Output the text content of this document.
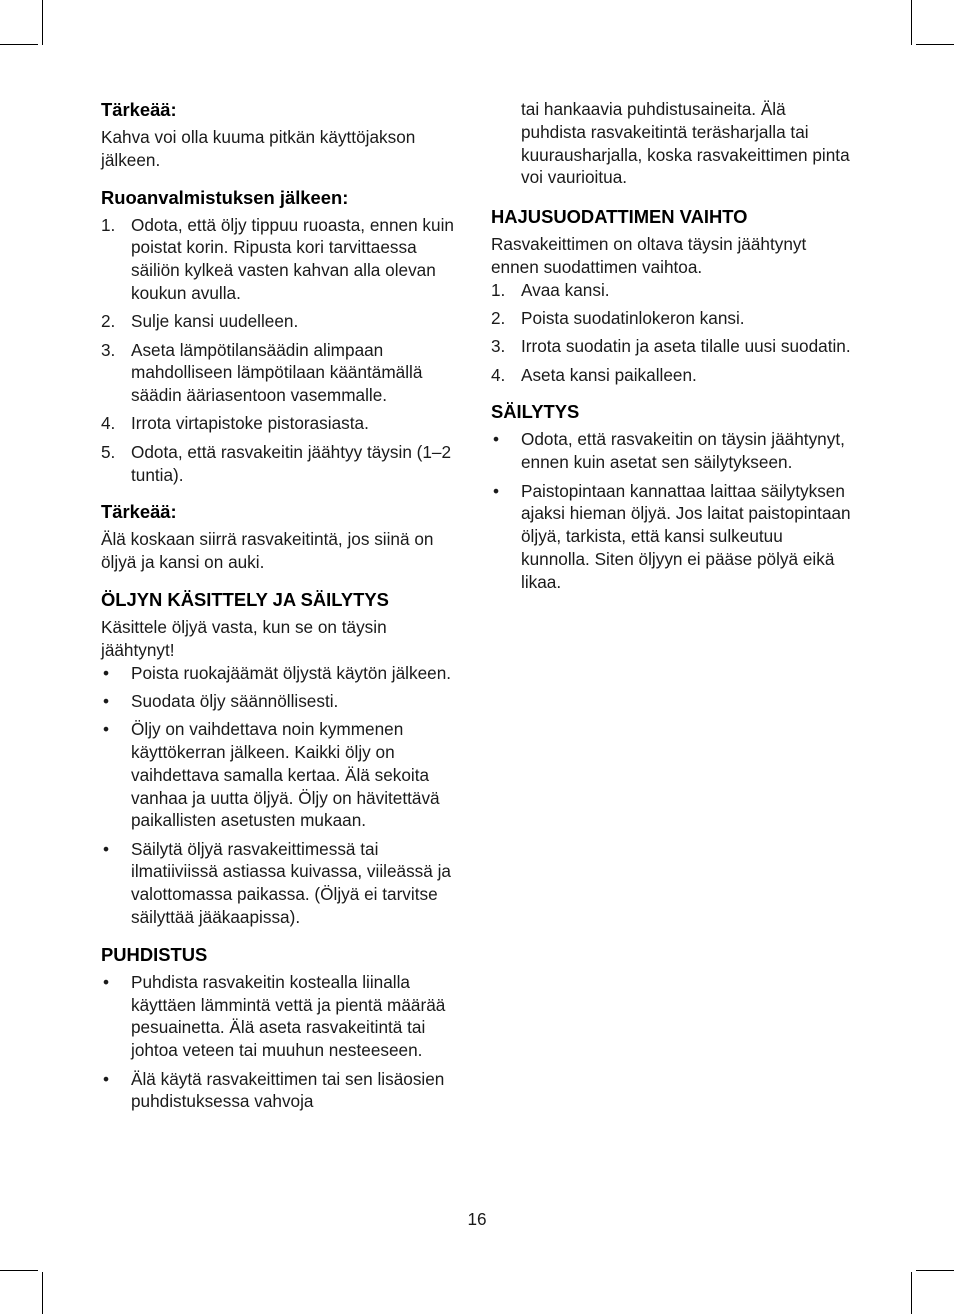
Tärkeää:

Kahva voi olla kuuma pitkän käyttöjakson jälkeen.

Ruoanvalmistuksen jälkeen:
1. Odota, että öljy tippuu ruoasta, ennen kuin poistat korin. Ripusta kori tarvittaessa säiliön kylkeä vasten kahvan alla olevan koukun avulla.
2. Sulje kansi uudelleen.
3. Aseta lämpötilansäädin alimpaan mahdolliseen lämpötilaan kääntämällä säädin ääriasentoon vasemmalle.
4. Irrota virtapistoke pistorasiasta.
5. Odota, että rasvakeitin jäähtyy täysin (1–2 tuntia).
Tärkeää:

Älä koskaan siirrä rasvakeitintä, jos siinä on öljyä ja kansi on auki.

ÖLJYN KÄSITTELY JA SÄILYTYS

Käsittele öljyä vasta, kun se on täysin jäähtynyt!

•	Poista ruokajäämät öljystä käytön jälkeen.
•	Suodata öljy säännöllisesti.
•	Öljy on vaihdettava noin kymmenen käyttökerran jälkeen. Kaikki öljy on vaihdettava samalla kertaa. Älä sekoita vanhaa ja uutta öljyä. Öljy on hävitettävä paikallisten asetusten mukaan.
•	Säilytä öljyä rasvakeittimessä tai ilmatiiviissä astiassa kuivassa, viileässä ja valottomassa paikassa. (Öljyä ei tarvitse säilyttää jääkaapissa).
PUHDISTUS
•	Puhdista rasvakeitin kostealla liinalla käyttäen lämmintä vettä ja pientä määrää pesuainetta. Älä aseta rasvakeitintä tai johtoa veteen tai muuhun nesteeseen.
•	Älä käytä rasvakeittimen tai sen lisäosien puhdistuksessa vahvoja

tai hankaavia puhdistusaineita. Älä puhdista rasvakeitintä teräsharjalla tai kuurausharjalla, koska rasvakeittimen pinta voi vaurioitua.

HAJUSUODATTIMEN VAIHTO

Rasvakeittimen on oltava täysin jäähtynyt ennen suodattimen vaihtoa.

1. Avaa kansi.
2. Poista suodatinlokeron kansi.
3. Irrota suodatin ja aseta tilalle uusi suodatin.
4. Aseta kansi paikalleen.
SÄILYTYS
•	Odota, että rasvakeitin on täysin jäähtynyt, ennen kuin asetat sen säilytykseen.
•	Paistopintaan kannattaa laittaa säilytyksen ajaksi hieman öljyä. Jos laitat paistopintaan öljyä, tarkista, että kansi sulkeutuu kunnolla. Siten öljyyn ei pääse pölyä eikä likaa.
16
